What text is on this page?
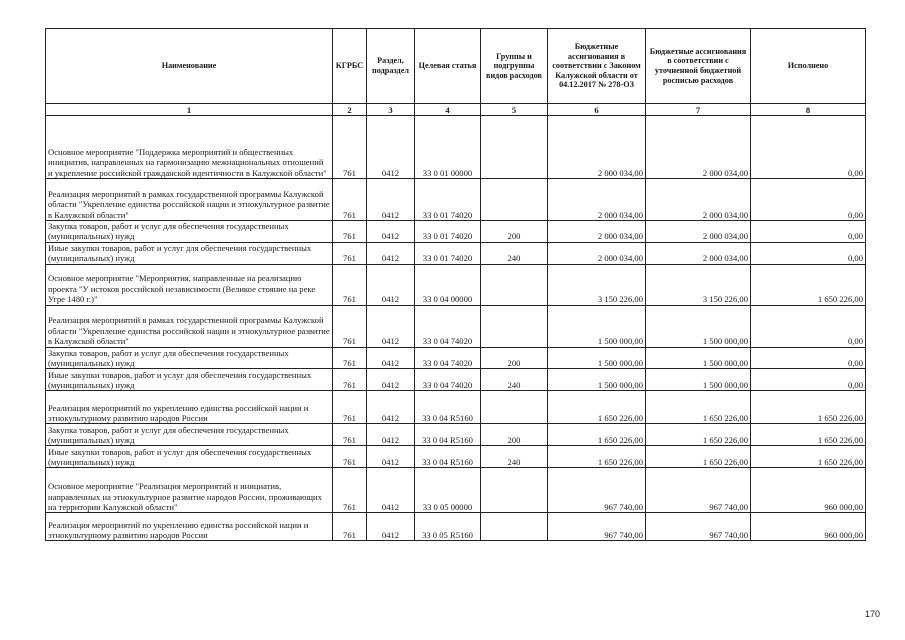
Наименование	КГРБС	Раздел, подраздел	Целевая статья	Группы и подгруппы видов расходов	Бюджетные ассигнования в соответствии с Законом Калужской области от 04.12.2017 № 278-ОЗ	Бюджетные ассигнования в соответствии с уточненной бюджетной росписью расходов	Исполнено
1	2	3	4	5	6	7	8
Основное мероприятие "Поддержка мероприятий и общественных инициатив, направленных на гармонизацию межнациональных отношений и укрепление российской гражданской идентичности в Калужской области"	761	0412	33 0 01 00000		2 000 034,00	2 000 034,00	0,00
Реализация мероприятий в рамках государственной программы Калужской области "Укрепление единства российской нации и этнокультурное развитие в Калужской области"	761	0412	33 0 01 74020		2 000 034,00	2 000 034,00	0,00
Закупка товаров, работ и услуг для обеспечения государственных (муниципальных) нужд	761	0412	33 0 01 74020	200	2 000 034,00	2 000 034,00	0,00
Иные закупки товаров, работ и услуг для обеспечения государственных (муниципальных) нужд	761	0412	33 0 01 74020	240	2 000 034,00	2 000 034,00	0,00
Основное мероприятие "Мероприятия, направленные на реализацию проекта "У истоков российской независимости (Великое стояние на реке Угре 1480 г.)"	761	0412	33 0 04 00000		3 150 226,00	3 150 226,00	1 650 226,00
Реализация мероприятий в рамках государственной программы Калужской области "Укрепление единства российской нации и этнокультурное развитие в Калужской области"	761	0412	33 0 04 74020		1 500 000,00	1 500 000,00	0,00
Закупка товаров, работ и услуг для обеспечения государственных (муниципальных) нужд	761	0412	33 0 04 74020	200	1 500 000,00	1 500 000,00	0,00
Иные закупки товаров, работ и услуг для обеспечения государственных (муниципальных) нужд	761	0412	33 0 04 74020	240	1 500 000,00	1 500 000,00	0,00
Реализация мероприятий по укреплению единства российской нации и этнокультурному развитию народов России	761	0412	33 0 04 R5160		1 650 226,00	1 650 226,00	1 650 226,00
Закупка товаров, работ и услуг для обеспечения государственных (муниципальных) нужд	761	0412	33 0 04 R5160	200	1 650 226,00	1 650 226,00	1 650 226,00
Иные закупки товаров, работ и услуг для обеспечения государственных (муниципальных) нужд	761	0412	33 0 04 R5160	240	1 650 226,00	1 650 226,00	1 650 226,00
Основное мероприятие "Реализация мероприятий и инициатив, направленных на этнокультурное развитие народов России, проживающих на территории Калужской области"	761	0412	33 0 05 00000		967 740,00	967 740,00	960 000,00
Реализация мероприятий по укреплению единства российской нации и этнокультурному развитию народов России	761	0412	33 0 05 R5160		967 740,00	967 740,00	960 000,00
170
